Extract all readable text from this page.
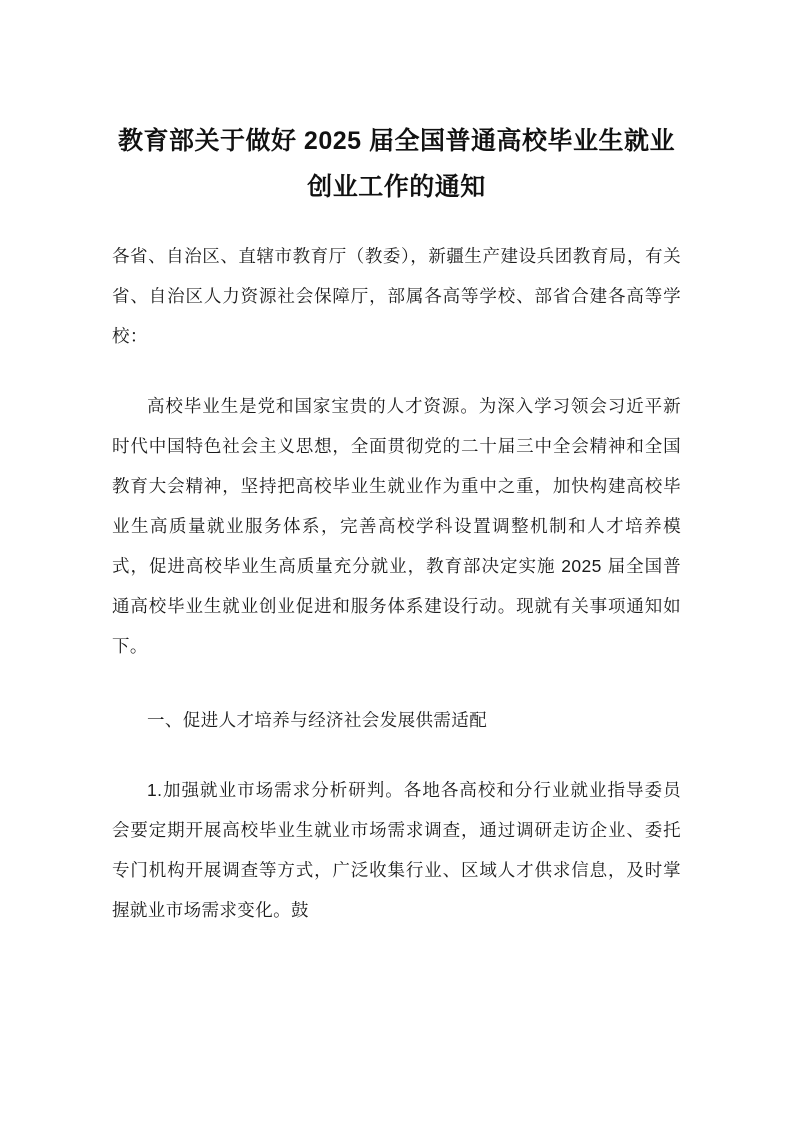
教育部关于做好 2025 届全国普通高校毕业生就业创业工作的通知

各省、自治区、直辖市教育厅（教委），新疆生产建设兵团教育局，有关省、自治区人力资源社会保障厅，部属各高等学校、部省合建各高等学校：

高校毕业生是党和国家宝贵的人才资源。为深入学习领会习近平新时代中国特色社会主义思想，全面贯彻党的二十届三中全会精神和全国教育大会精神，坚持把高校毕业生就业作为重中之重，加快构建高校毕业生高质量就业服务体系，完善高校学科设置调整机制和人才培养模式，促进高校毕业生高质量充分就业，教育部决定实施 2025 届全国普通高校毕业生就业创业促进和服务体系建设行动。现就有关事项通知如下。

一、促进人才培养与经济社会发展供需适配

1.加强就业市场需求分析研判。各地各高校和分行业就业指导委员会要定期开展高校毕业生就业市场需求调查，通过调研走访企业、委托专门机构开展调查等方式，广泛收集行业、区域人才供求信息，及时掌握就业市场需求变化。鼓
